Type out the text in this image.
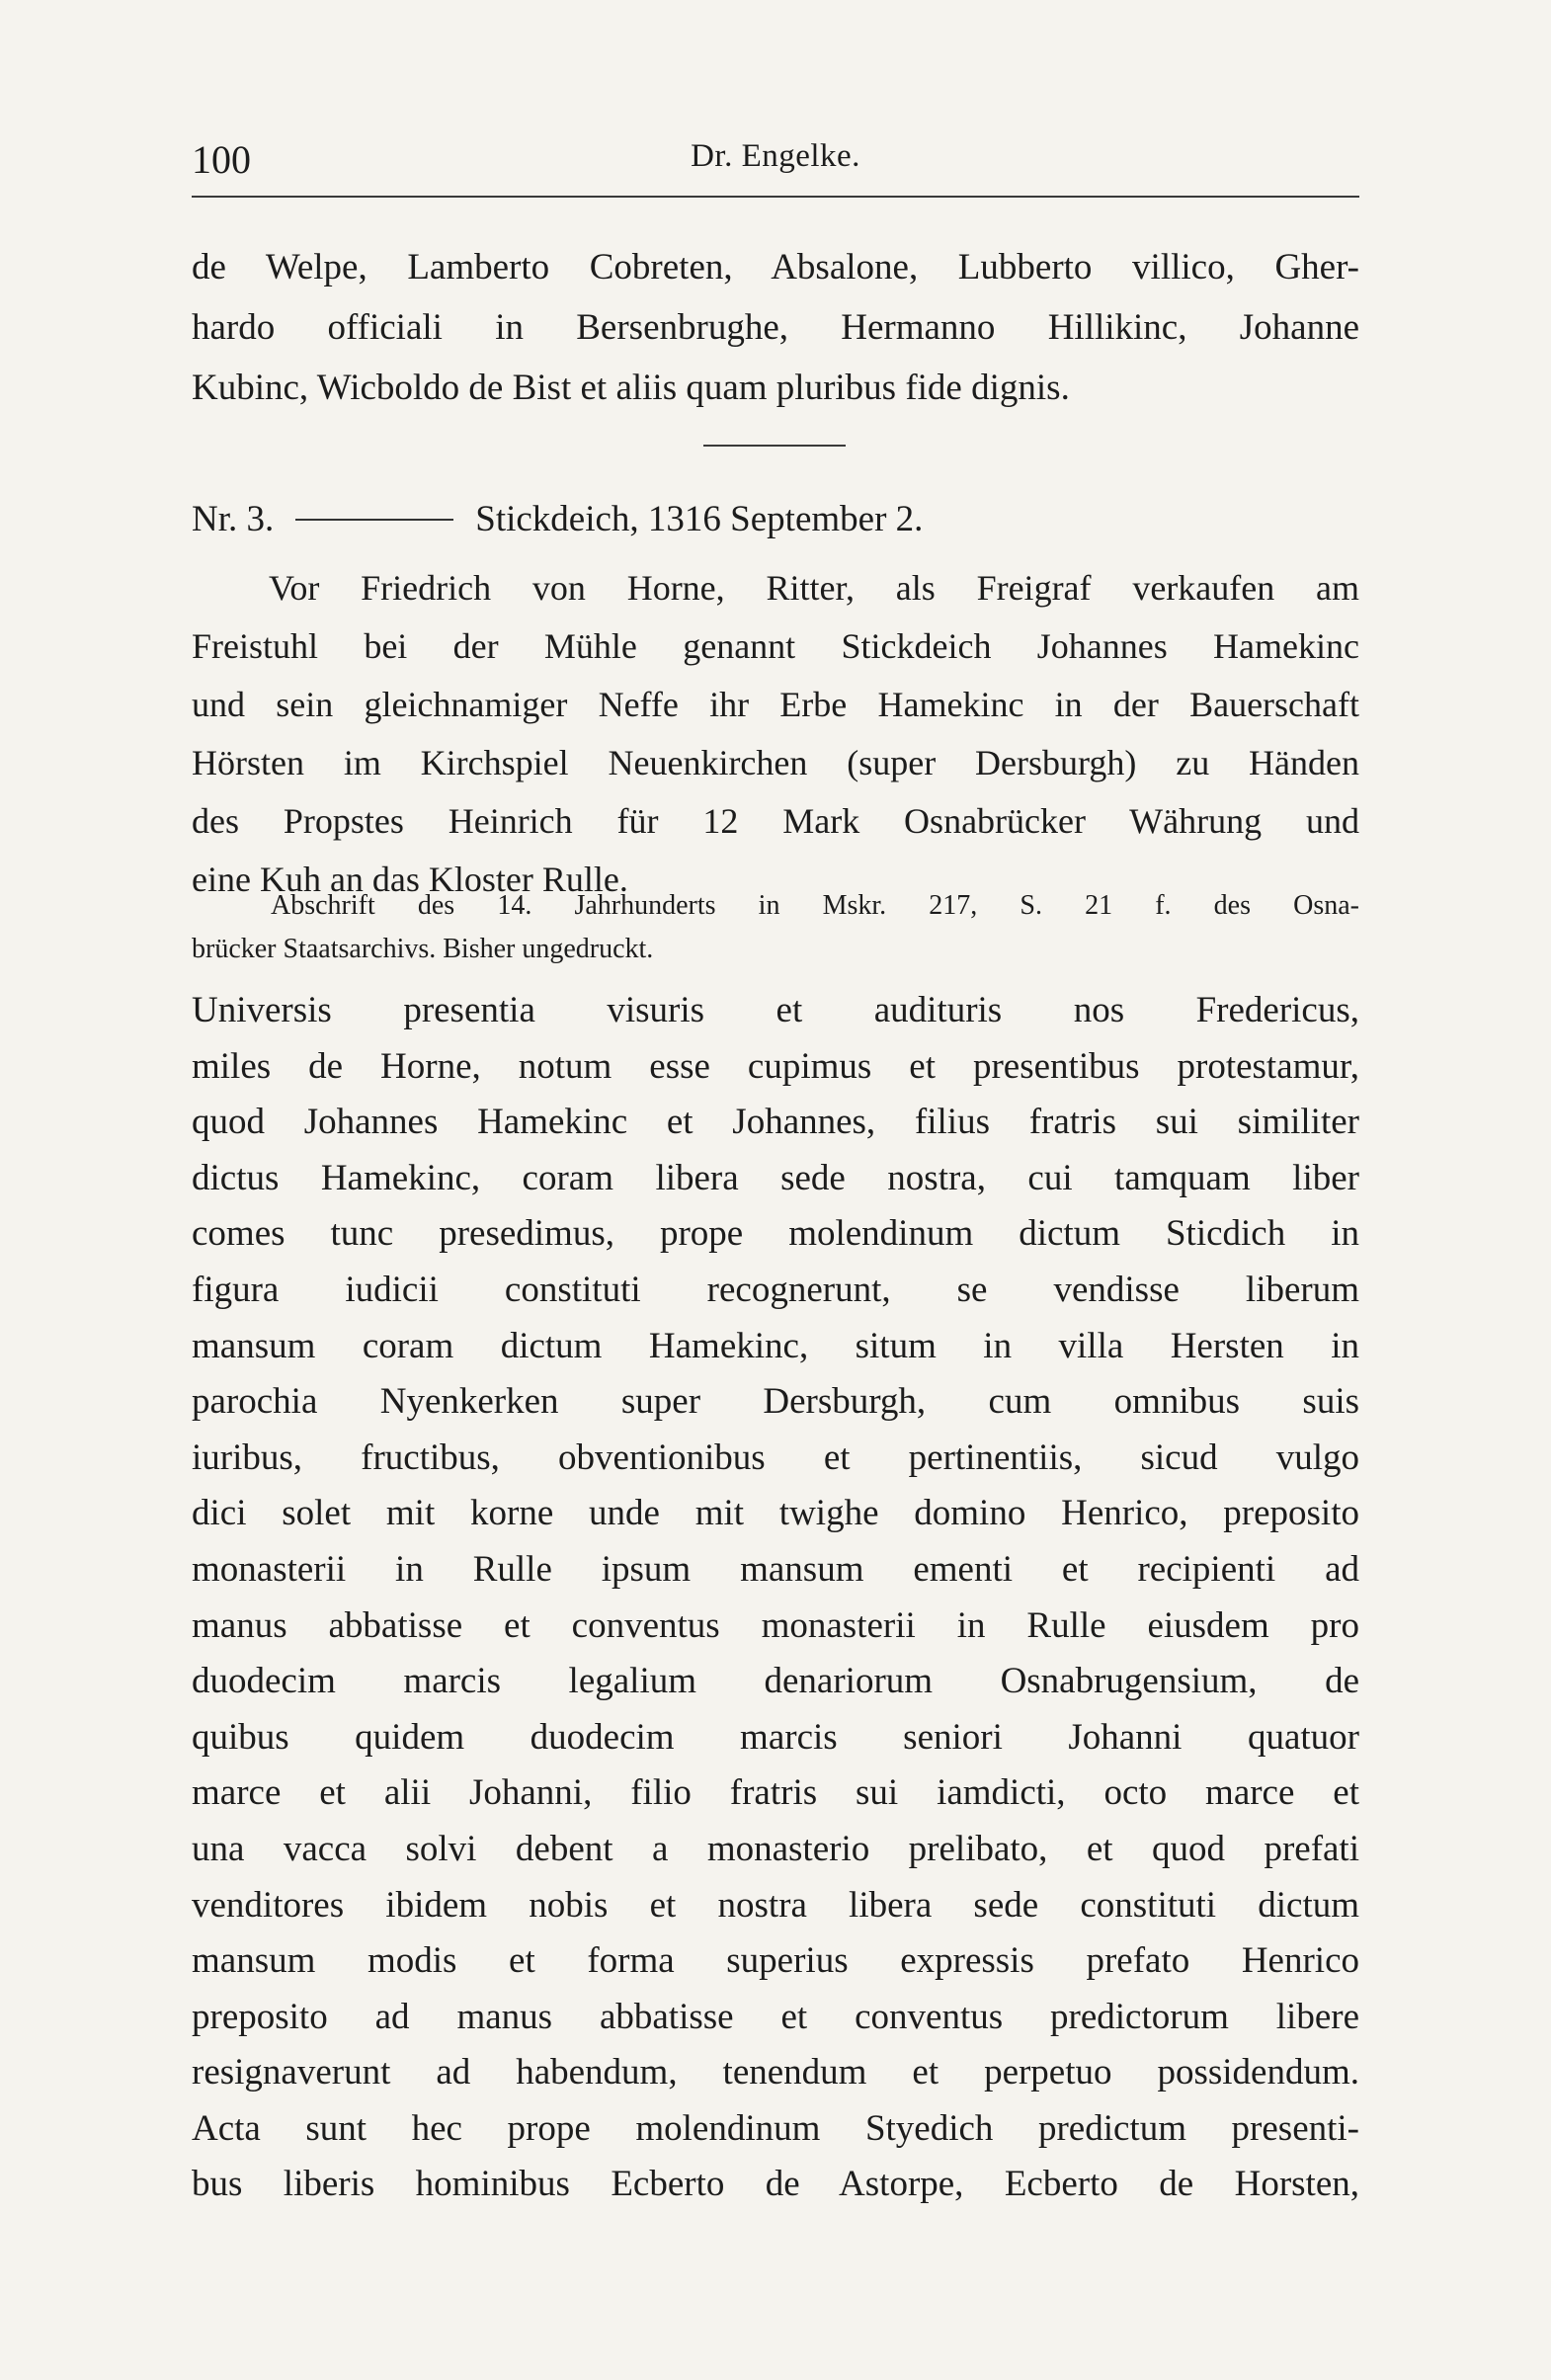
100	Dr. Engelke.
de Welpe, Lamberto Cobreten, Absalone, Lubberto villico, Gher-
hardo officiali in Bersenbrughe, Hermanno Hillikinc, Johanne
Kubinc, Wicboldo de Bist et aliis quam pluribus fide dignis.
Nr. 3.	Stickdeich, 1316 September 2.
Vor Friedrich von Horne, Ritter, als Freigraf verkaufen am
Freistuhl bei der Mühle genannt Stickdeich Johannes Hamekinc
und sein gleichnamiger Neffe ihr Erbe Hamekinc in der Bauerschaft
Hörsten im Kirchspiel Neuenkirchen (super Dersburgh) zu Händen
des Propstes Heinrich für 12 Mark Osnabrücker Währung und
eine Kuh an das Kloster Rulle.
Abschrift des 14. Jahrhunderts in Mskr. 217, S. 21 f. des Osna-
brücker Staatsarchivs. Bisher ungedruckt.
Universis presentia visuris et audituris nos Fredericus,
miles de Horne, notum esse cupimus et presentibus protestamur,
quod Johannes Hamekinc et Johannes, filius fratris sui similiter
dictus Hamekinc, coram libera sede nostra, cui tamquam liber
comes tunc presedimus, prope molendinum dictum Sticdich in
figura iudicii constituti recognerunt, se vendisse liberum
mansum coram dictum Hamekinc, situm in villa Hersten in
parochia Nyenkerken super Dersburgh, cum omnibus suis
iuribus, fructibus, obventionibus et pertinentiis, sicud vulgo
dici solet mit korne unde mit twighe domino Henrico, preposito
monasterii in Rulle ipsum mansum ementi et recipienti ad
manus abbatisse et conventus monasterii in Rulle eiusdem pro
duodecim marcis legalium denariorum Osnabrugensium, de
quibus quidem duodecim marcis seniori Johanni quatuor
marce et alii Johanni, filio fratris sui iamdicti, octo marce et
una vacca solvi debent a monasterio prelibato, et quod prefati
venditores ibidem nobis et nostra libera sede constituti dictum
mansum modis et forma superius expressis prefato Henrico
preposito ad manus abbatisse et conventus predictorum libere
resignaverunt ad habendum, tenendum et perpetuo possidendum.
Acta sunt hec prope molendinum Styedich predictum presenti-
bus liberis hominibus Ecberto de Astorpe, Ecberto de Horsten,
